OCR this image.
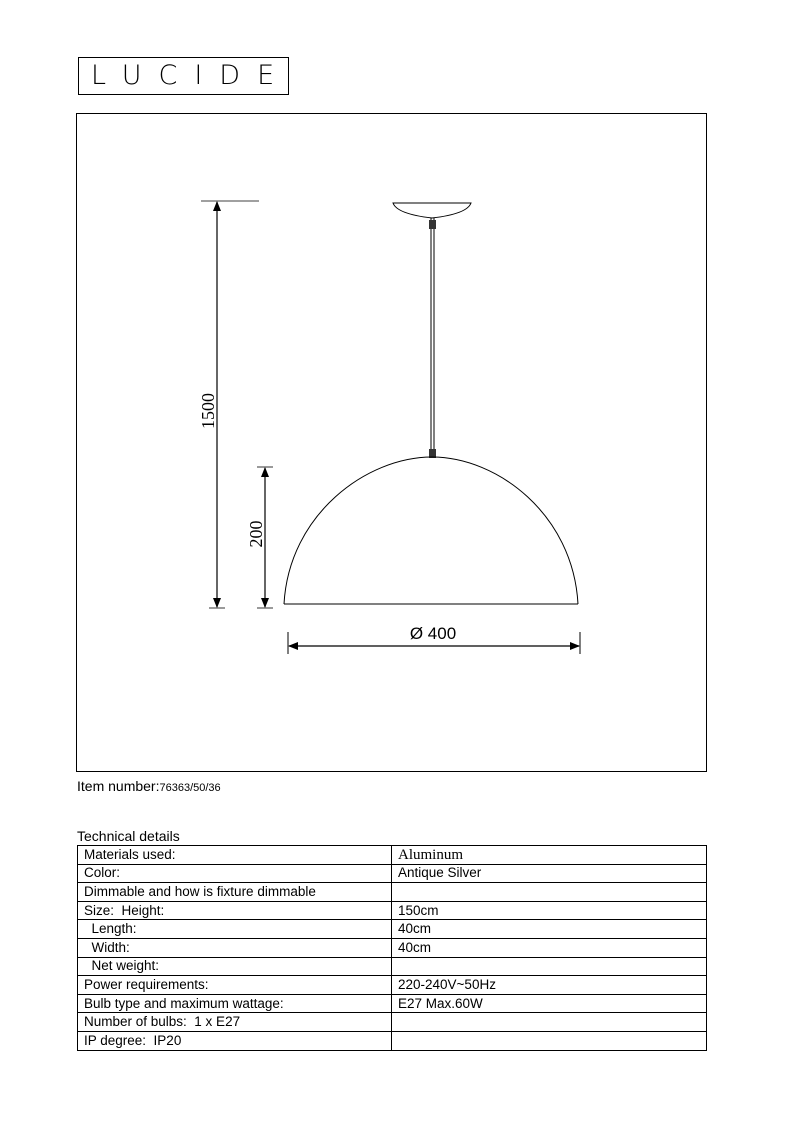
LUCIDE
1500
200
Ø 400
Item number:76363/50/36
Technical details
Materials used:	Aluminum
Color:	Antique Silver
Dimmable and how is fixture dimmable	
Size:  Height:	150cm
Length:	40cm
Width:	40cm
Net weight:	
Power requirements:	220-240V~50Hz
Bulb type and maximum wattage:	E27 Max.60W
Number of bulbs:  1 x E27	
IP degree:  IP20	
